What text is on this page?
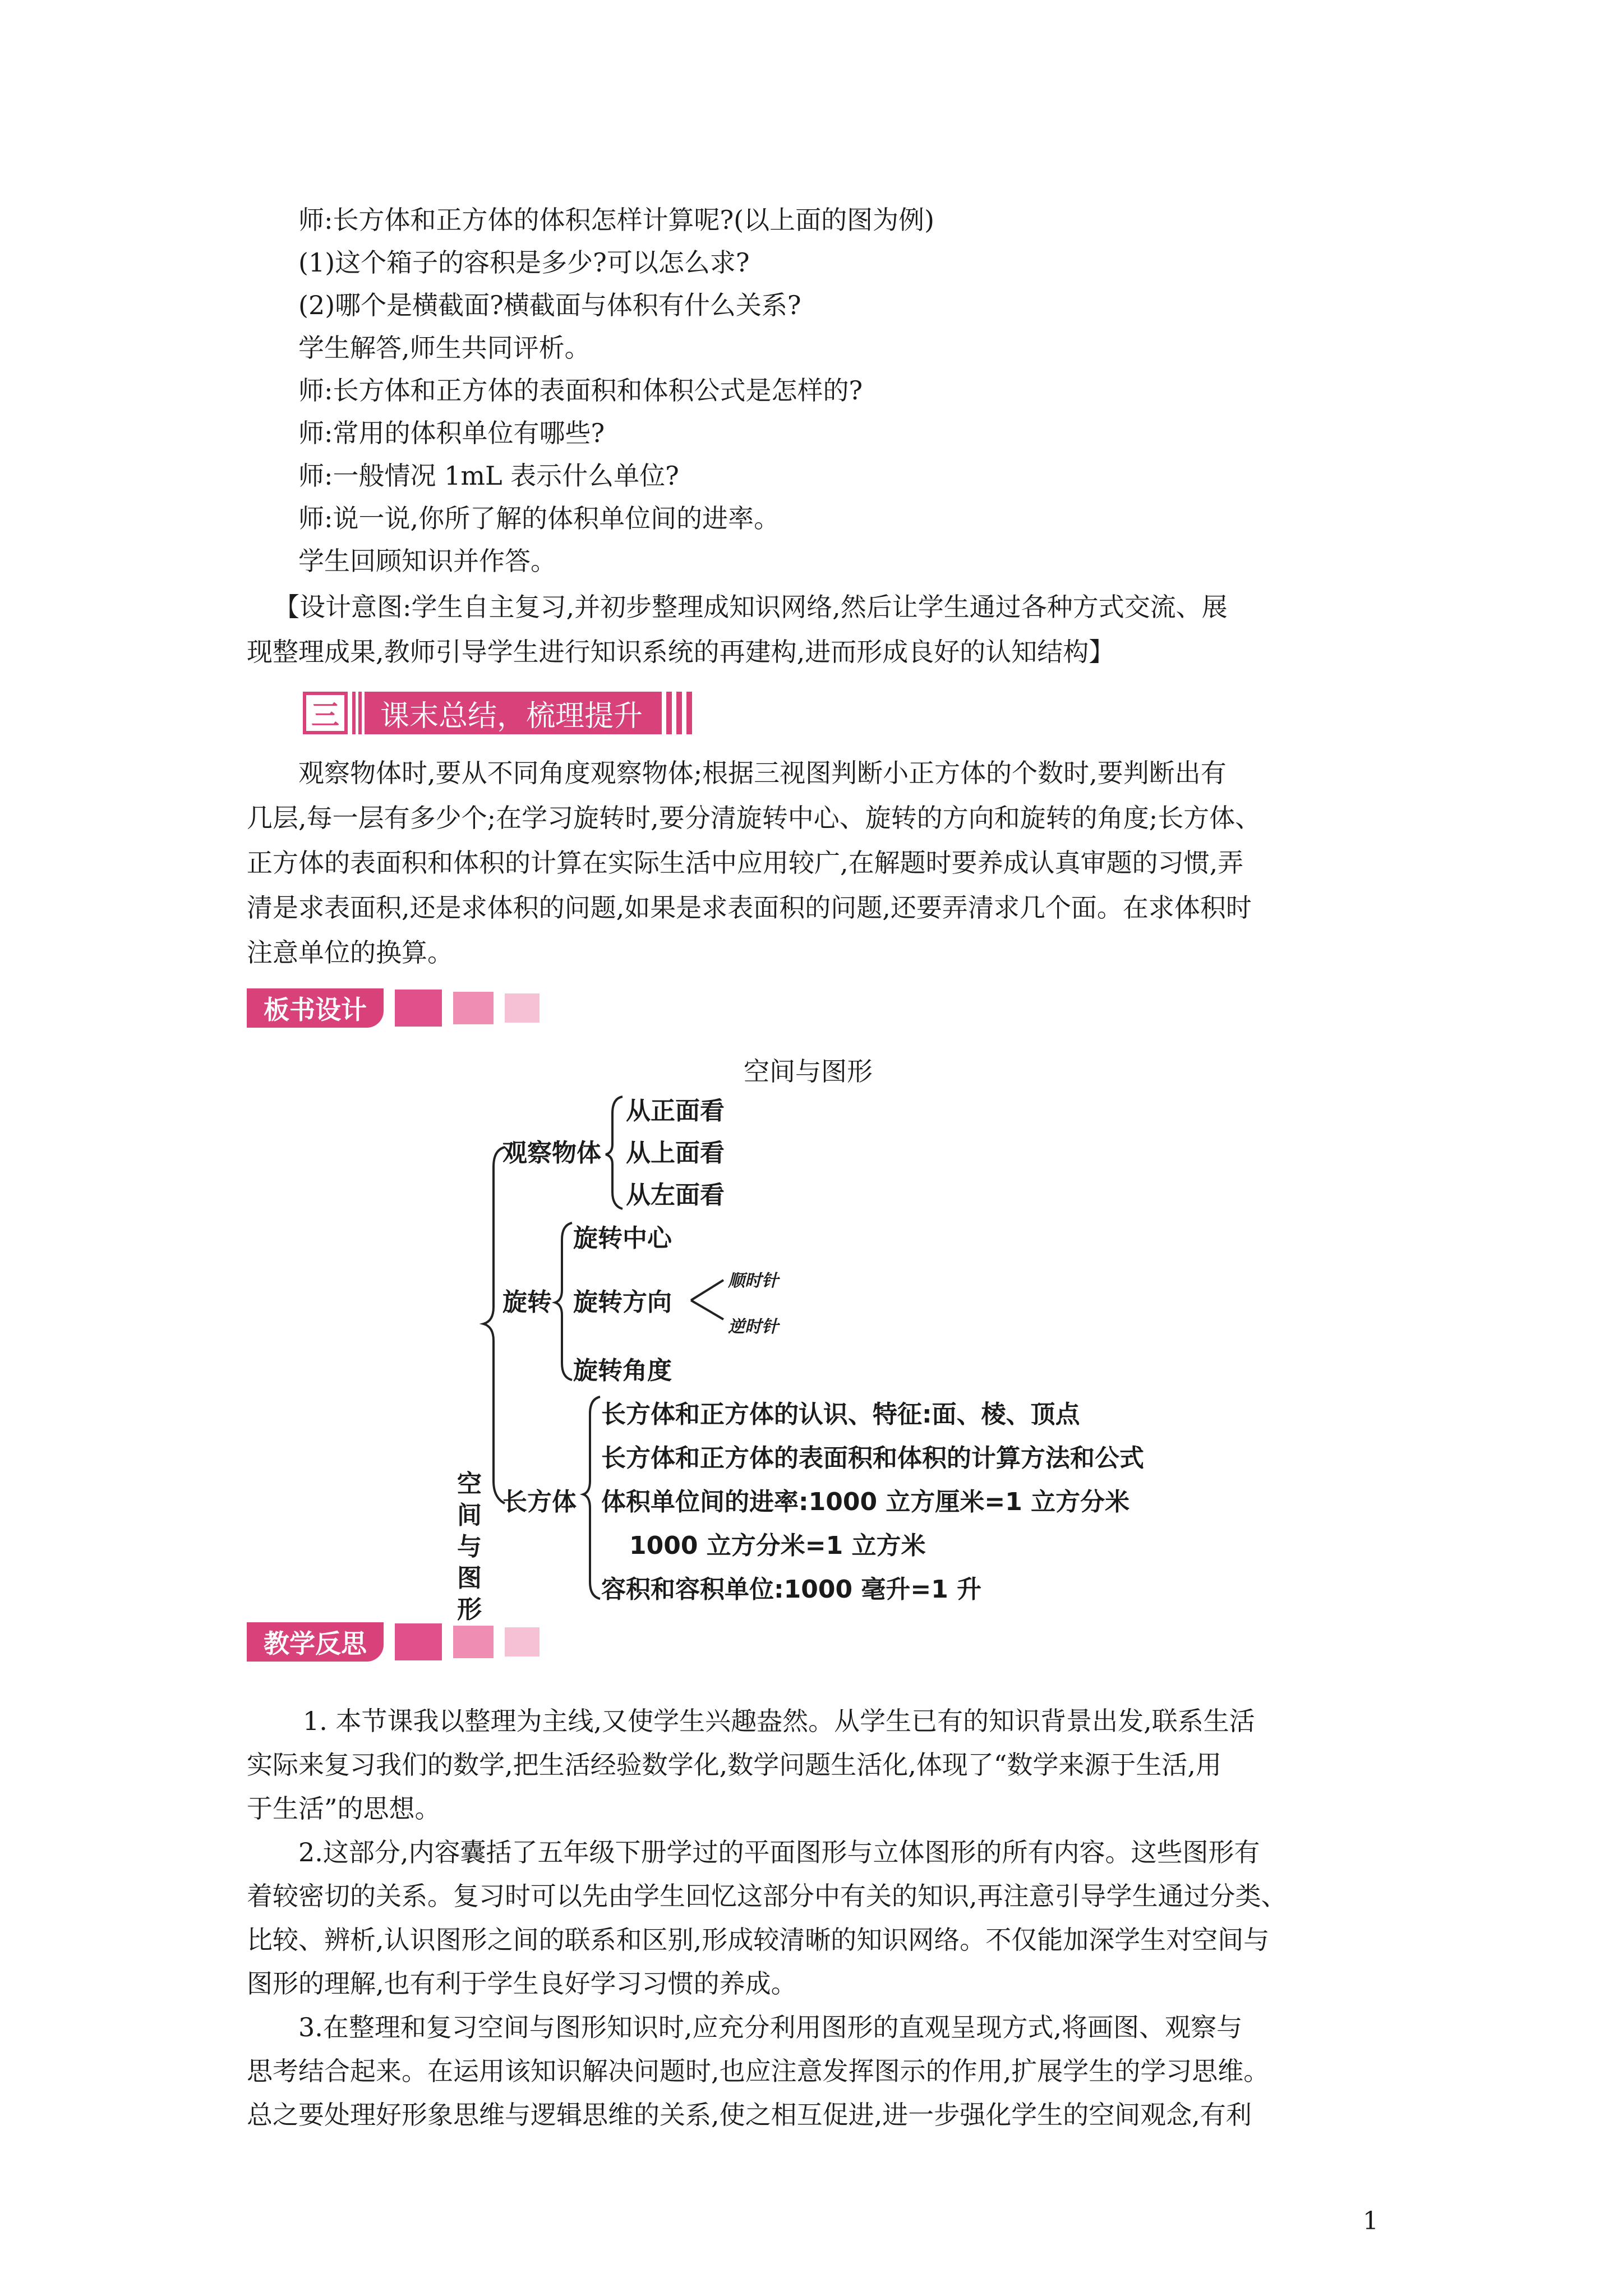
师:长方体和正方体的体积怎样计算呢?(以上面的图为例)
(1)这个箱子的容积是多少?可以怎么求?
(2)哪个是横截面?横截面与体积有什么关系?
学生解答,师生共同评析。
师:长方体和正方体的表面积和体积公式是怎样的?
师:常用的体积单位有哪些?
师:一般情况 1mL 表示什么单位?
师:说一说,你所了解的体积单位间的进率。
学生回顾知识并作答。
【设计意图:学生自主复习,并初步整理成知识网络,然后让学生通过各种方式交流、展
现整理成果,教师引导学生进行知识系统的再建构,进而形成良好的认知结构】
三	课末总结，梳理提升
观察物体时,要从不同角度观察物体;根据三视图判断小正方体的个数时,要判断出有
几层,每一层有多少个;在学习旋转时,要分清旋转中心、旋转的方向和旋转的角度;长方体、
正方体的表面积和体积的计算在实际生活中应用较广,在解题时要养成认真审题的习惯,弄
清是求表面积,还是求体积的问题,如果是求表面积的问题,还要弄清求几个面。在求体积时
注意单位的换算。
板书设计
空间与图形
观察物体
从正面看
从上面看
从左面看
旋转
旋转中心
旋转方向
顺时针
逆时针
旋转角度
长方体
长方体和正方体的认识、特征:面、棱、顶点
长方体和正方体的表面积和体积的计算方法和公式
体积单位间的进率:1000 立方厘米=1 立方分米
1000 立方分米=1 立方米
容积和容积单位:1000 毫升=1 升
空间与图形
教学反思
1. 本节课我以整理为主线,又使学生兴趣盎然。从学生已有的知识背景出发,联系生活
实际来复习我们的数学,把生活经验数学化,数学问题生活化,体现了“数学来源于生活,用
于生活”的思想。
2.这部分,内容囊括了五年级下册学过的平面图形与立体图形的所有内容。这些图形有
着较密切的关系。复习时可以先由学生回忆这部分中有关的知识,再注意引导学生通过分类、
比较、辨析,认识图形之间的联系和区别,形成较清晰的知识网络。不仅能加深学生对空间与
图形的理解,也有利于学生良好学习习惯的养成。
3.在整理和复习空间与图形知识时,应充分利用图形的直观呈现方式,将画图、观察与
思考结合起来。在运用该知识解决问题时,也应注意发挥图示的作用,扩展学生的学习思维。
总之要处理好形象思维与逻辑思维的关系,使之相互促进,进一步强化学生的空间观念,有利
1
